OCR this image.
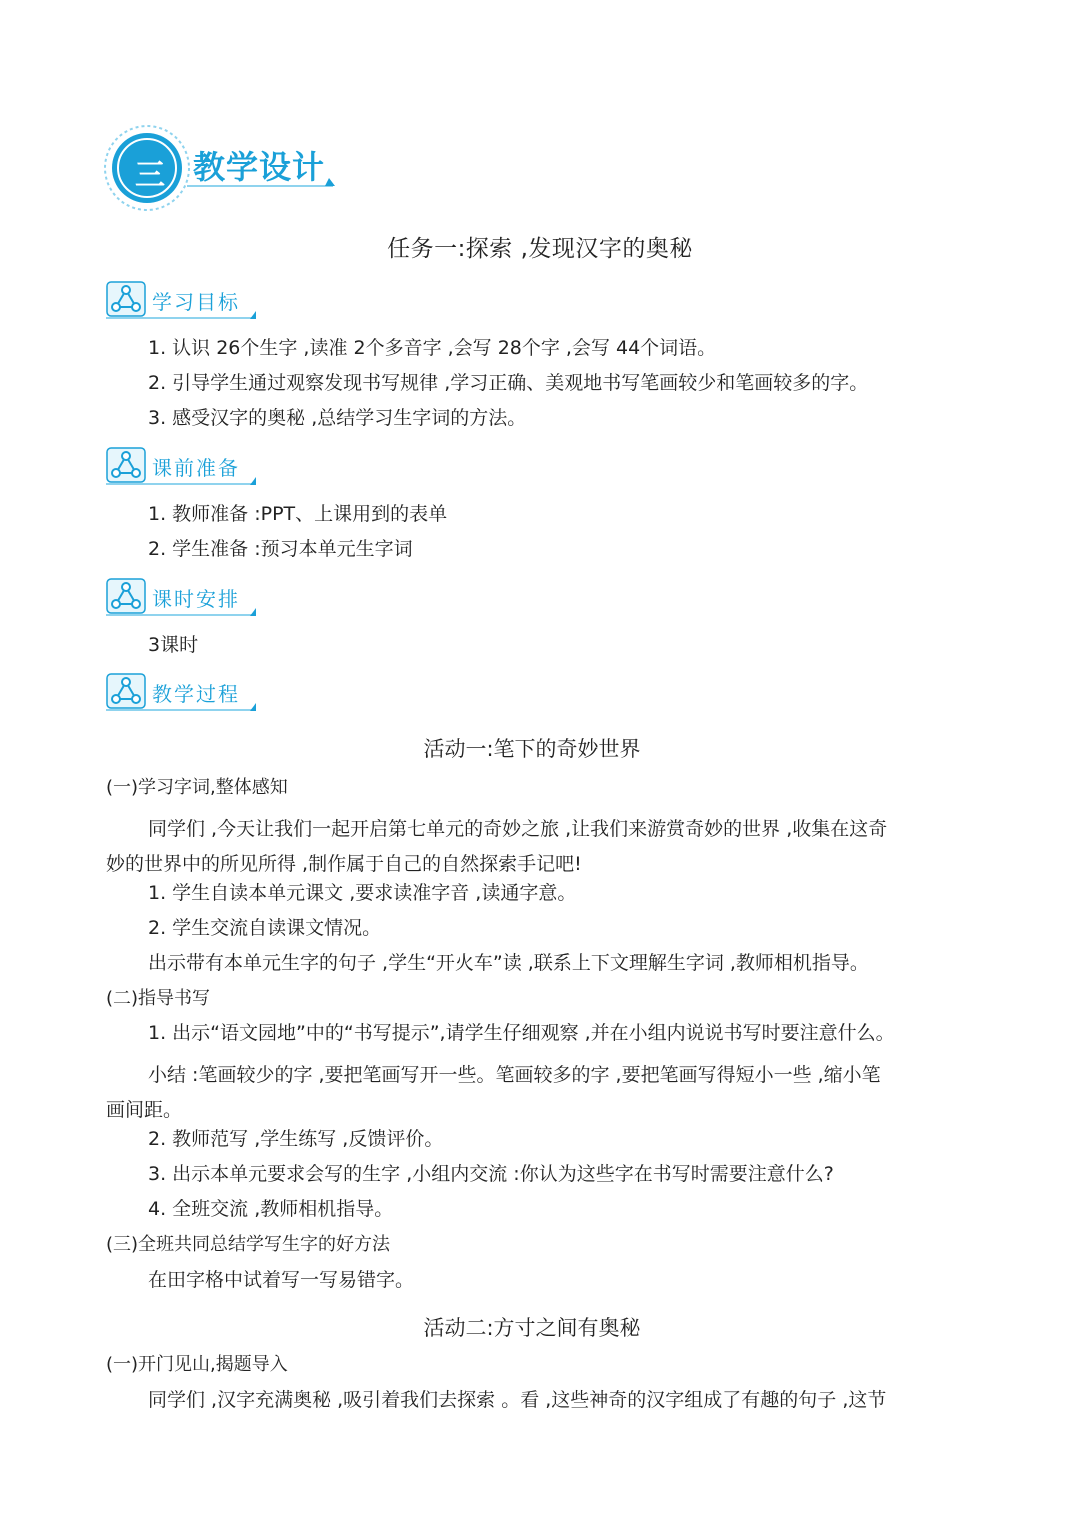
三 教学设计
任务一:探索 ,发现汉字的奥秘
学习目标
1. 认识 26个生字 ,读准 2个多音字 ,会写 28个字 ,会写 44个词语。
2. 引导学生通过观察发现书写规律 ,学习正确、美观地书写笔画较少和笔画较多的字。
3. 感受汉字的奥秘 ,总结学习生字词的方法。
课前准备
1. 教师准备 :PPT、上课用到的表单
2. 学生准备 :预习本单元生字词
课时安排
3课时
教学过程
活动一:笔下的奇妙世界
(一)学习字词,整体感知
同学们 ,今天让我们一起开启第七单元的奇妙之旅 ,让我们来游赏奇妙的世界 ,收集在这奇
妙的世界中的所见所得 ,制作属于自己的自然探索手记吧!
1. 学生自读本单元课文 ,要求读准字音 ,读通字意。
2. 学生交流自读课文情况。
出示带有本单元生字的句子 ,学生“开火车”读 ,联系上下文理解生字词 ,教师相机指导。
(二)指导书写
1. 出示“语文园地”中的“书写提示”,请学生仔细观察 ,并在小组内说说书写时要注意什么。
小结 :笔画较少的字 ,要把笔画写开一些。笔画较多的字 ,要把笔画写得短小一些 ,缩小笔
画间距。
2. 教师范写 ,学生练写 ,反馈评价。
3. 出示本单元要求会写的生字 ,小组内交流 :你认为这些字在书写时需要注意什么?
4. 全班交流 ,教师相机指导。
(三)全班共同总结学写生字的好方法
在田字格中试着写一写易错字。
活动二:方寸之间有奥秘
(一)开门见山,揭题导入
同学们 ,汉字充满奥秘 ,吸引着我们去探索 。看 ,这些神奇的汉字组成了有趣的句子 ,这节
